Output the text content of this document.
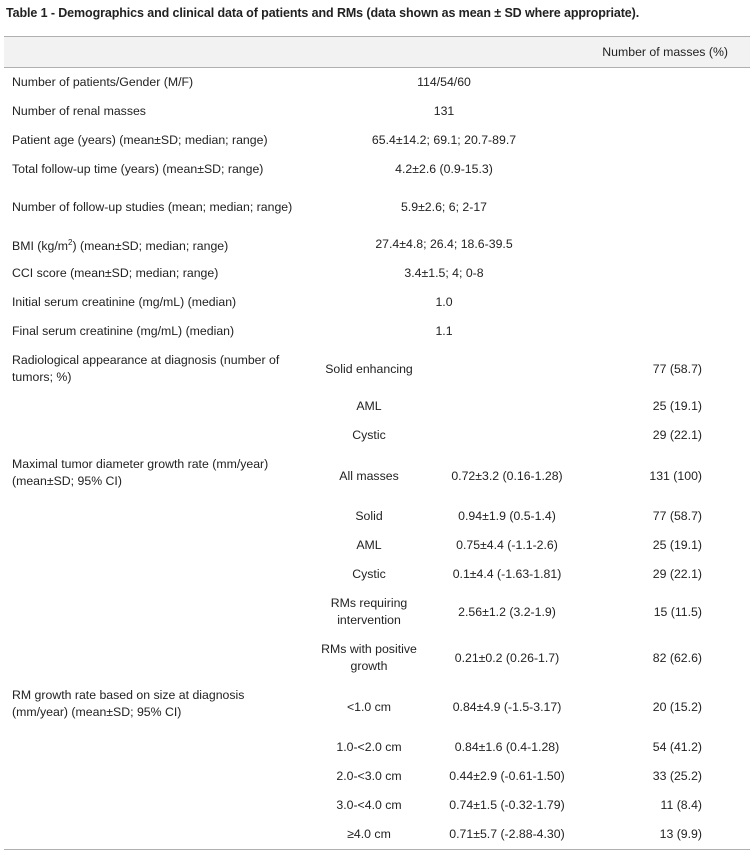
Table 1 - Demographics and clinical data of patients and RMs (data shown as mean ± SD where appropriate).
			Number of masses (%)
Number of patients/Gender (M/F)	114/54/60		
Number of renal masses	131		
Patient age (years) (mean±SD; median; range)	65.4±14.2; 69.1; 20.7-89.7		
Total follow-up time (years) (mean±SD; range)	4.2±2.6 (0.9-15.3)		
Number of follow-up studies (mean; median; range)	5.9±2.6; 6; 2-17		
BMI $(kg/m^2)$ (mean±SD; median; range)	27.4±4.8; 26.4; 18.6-39.5		
CCI score (mean±SD; median; range)	3.4±1.5; 4; 0-8		
Initial serum creatinine (mg/mL) (median)	1.0		
Final serum creatinine (mg/mL) (median)	1.1		
Radiological appearance at diagnosis (number of tumors; %)	Solid enhancing		77 (58.7)
	AML		25 (19.1)
	Cystic		29 (22.1)
Maximal tumor diameter growth rate (mm/year) (mean±SD; 95% CI)	All masses	0.72±3.2 (0.16-1.28)	131 (100)
	Solid	0.94±1.9 (0.5-1.4)	77 (58.7)
	AML	0.75±4.4 (-1.1-2.6)	25 (19.1)
	Cystic	0.1±4.4 (-1.63-1.81)	29 (22.1)
	RMs requiring intervention	2.56±1.2 (3.2-1.9)	15 (11.5)
	RMs with positive growth	0.21±0.2 (0.26-1.7)	82 (62.6)
RM growth rate based on size at diagnosis (mm/year) (mean±SD; 95% CI)	<1.0 cm	0.84±4.9 (-1.5-3.17)	20 (15.2)
	1.0-<2.0 cm	0.84±1.6 (0.4-1.28)	54 (41.2)
	2.0-<3.0 cm	0.44±2.9 (-0.61-1.50)	33 (25.2)
	3.0-<4.0 cm	0.74±1.5 (-0.32-1.79)	11 (8.4)
	≥4.0 cm	0.71±5.7 (-2.88-4.30)	13 (9.9)
